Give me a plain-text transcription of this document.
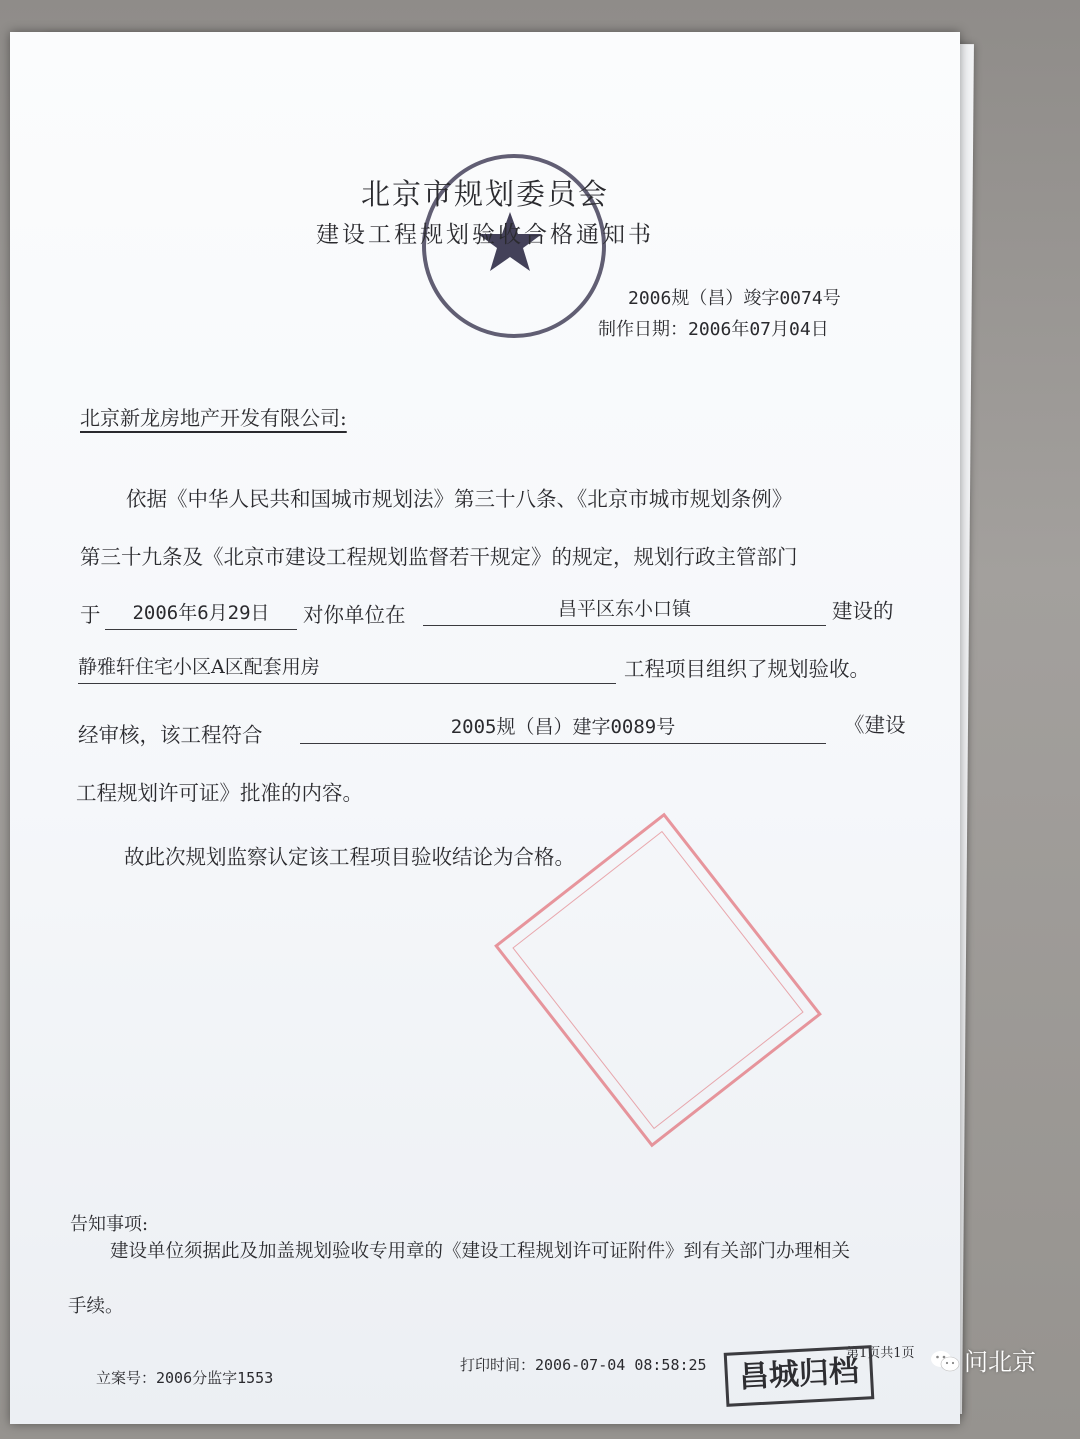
北京市规划委员会
建设工程规划验收合格通知书
2006规（昌）竣字0074号
制作日期：2006年07月04日
北京新龙房地产开发有限公司:
依据《中华人民共和国城市规划法》第三十八条、《北京市城市规划条例》
第三十九条及《北京市建设工程规划监督若干规定》的规定，规划行政主管部门
于	2006年6月29日	对你单位在	昌平区东小口镇	建设的
静雅轩住宅小区A区配套用房	工程项目组织了规划验收。
经审核，该工程符合	2005规（昌）建字0089号	《建设
工程规划许可证》批准的内容。
故此次规划监察认定该工程项目验收结论为合格。
告知事项:
建设单位须据此及加盖规划验收专用章的《建设工程规划许可证附件》到有关部门办理相关
手续。
立案号：2006分监字1553
打印时间：2006-07-04 08:58:25
第1页共1页
昌城归档	问北京
